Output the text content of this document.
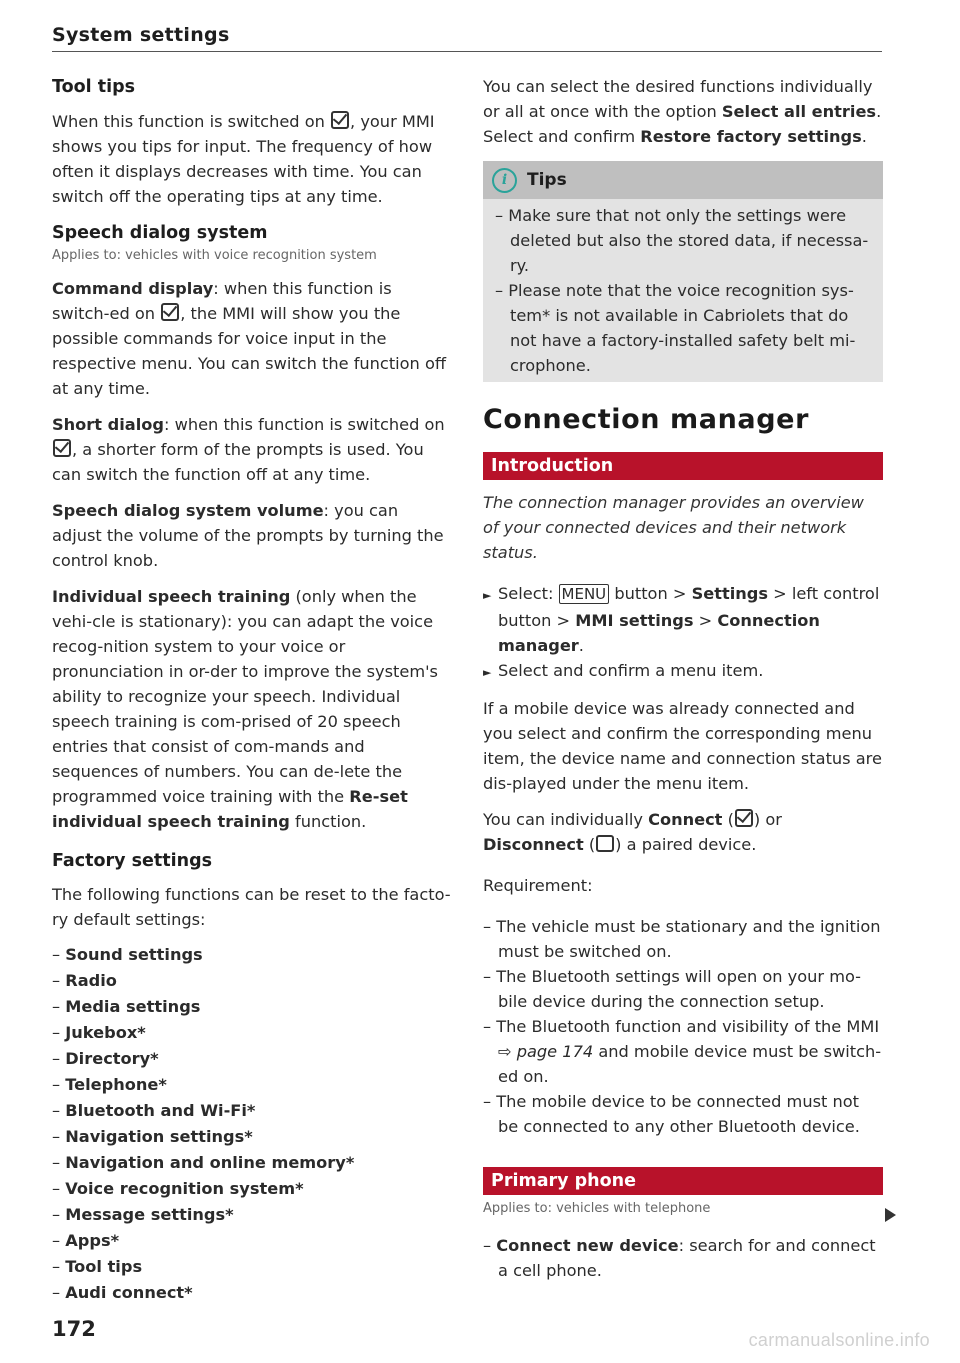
System settings
Tool tips

When this function is switched on , your MMI shows you tips for input. The frequency of how often it displays decreases with time. You can switch off the operating tips at any time.

Speech dialog system
Applies to: vehicles with voice recognition system

Command display: when this function is switch-ed on , the MMI will show you the possible commands for voice input in the respective menu. You can switch the function off at any time.

Short dialog: when this function is switched on , a shorter form of the prompts is used. You can switch the function off at any time.

Speech dialog system volume: you can adjust the volume of the prompts by turning the control knob.

Individual speech training (only when the vehi-cle is stationary): you can adapt the voice recog-nition system to your voice or pronunciation in or-der to improve the system's ability to recognize your speech. Individual speech training is com-prised of 20 speech entries that consist of com-mands and sequences of numbers. You can de-lete the programmed voice training with the Re-set individual speech training function.

Factory settings

The following functions can be reset to the facto-ry default settings:

– Sound settings
– Radio
– Media settings
– Jukebox*
– Directory*
– Telephone*
– Bluetooth and Wi-Fi*
– Navigation settings*
– Navigation and online memory*
– Voice recognition system*
– Message settings*
– Apps*
– Tool tips
– Audi connect*

You can select the desired functions individually or all at once with the option Select all entries. Select and confirm Restore factory settings.

i	Tips
– Make sure that not only the settings were deleted but also the stored data, if necessa-ry.
– Please note that the voice recognition sys-tem* is not available in Cabriolets that do not have a factory-installed safety belt mi-crophone.
Connection manager
Introduction

The connection manager provides an overview of your connected devices and their network status.

► Select: MENU button > Settings > left control button > MMI settings > Connection manager.
► Select and confirm a menu item.

If a mobile device was already connected and you select and confirm the corresponding menu item, the device name and connection status are dis-played under the menu item.

You can individually Connect ( ) or Disconnect ( ) a paired device.

Requirement:

– The vehicle must be stationary and the ignition must be switched on.
– The Bluetooth settings will open on your mo-bile device during the connection setup.
– The Bluetooth function and visibility of the MMI ⇨ page 174 and mobile device must be switch-ed on.
– The mobile device to be connected must not be connected to any other Bluetooth device.
Primary phone
Applies to: vehicles with telephone
– Connect new device: search for and connect a cell phone.
172	carmanualsonline.info
